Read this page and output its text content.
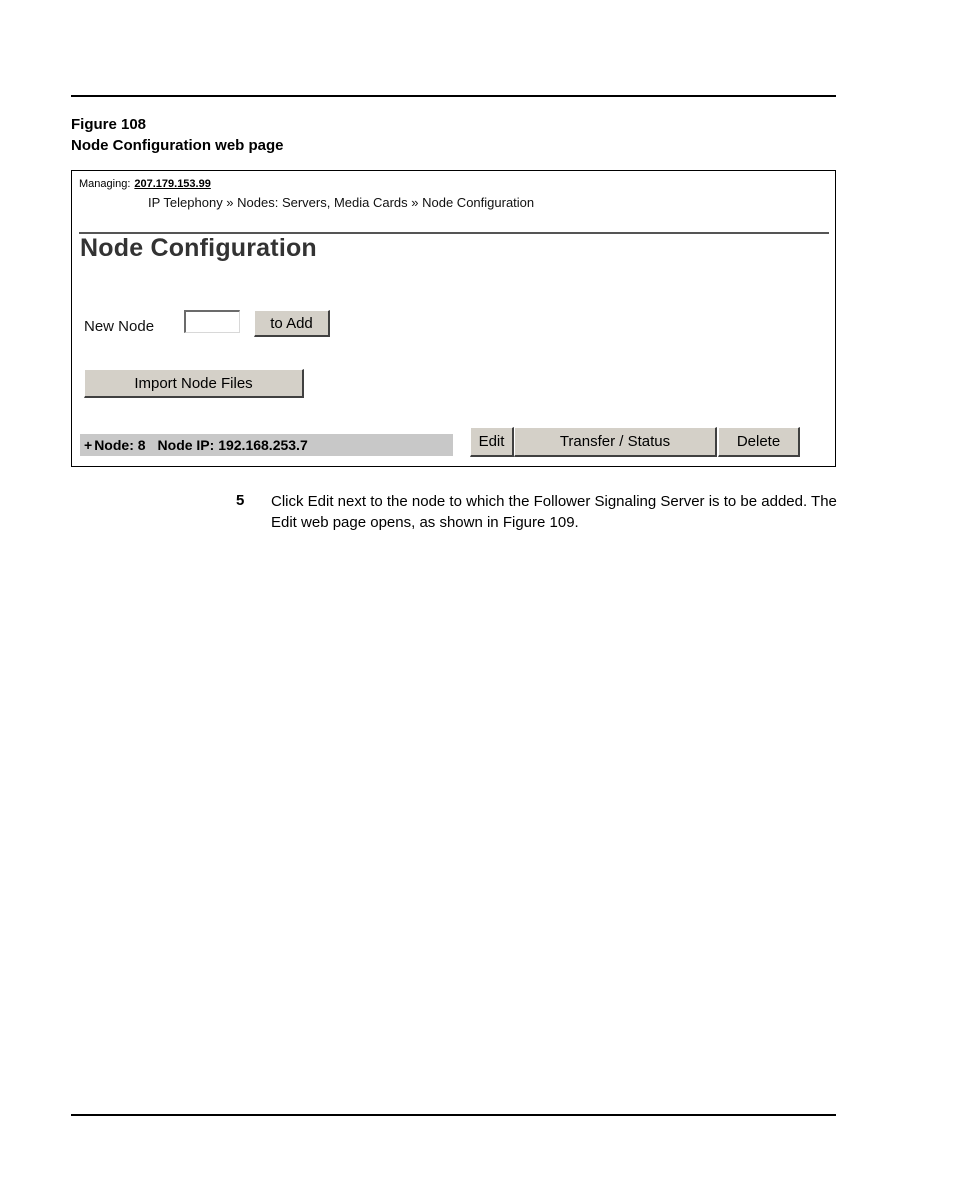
Figure 108
Node Configuration web page
Managing: 207.179.153.99
IP Telephony » Nodes: Servers, Media Cards » Node Configuration
Node Configuration
New Node	to Add
Import Node Files
+ Node: 8 Node IP: 192.168.253.7	Edit	Transfer / Status	Delete
5 Click Edit next to the node to which the Follower Signaling Server is to be added. The Edit web page opens, as shown in Figure 109.
